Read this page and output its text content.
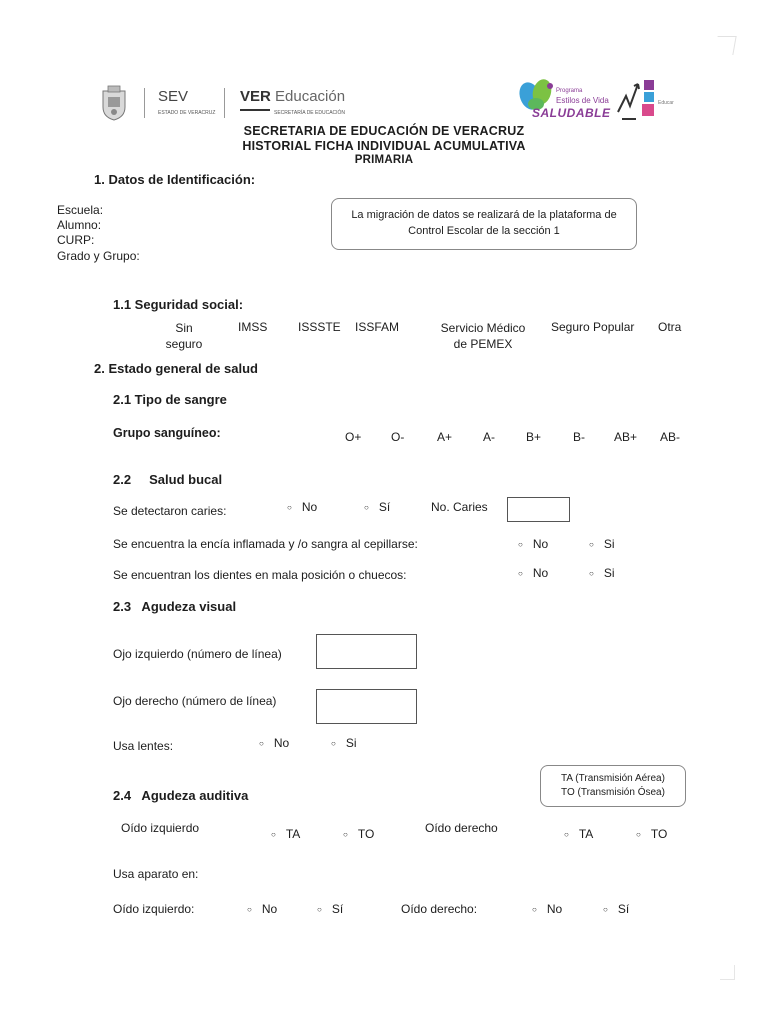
SEV
ESTADO DE VERACRUZ
VER Educación
SECRETARÍA DE EDUCACIÓN
Programa
Estilos de Vida
SALUDABLE
Educar
SECRETARIA DE EDUCACIÓN DE VERACRUZ
HISTORIAL FICHA INDIVIDUAL ACUMULATIVA
PRIMARIA
1. Datos de Identificación:
Escuela:
Alumno:
CURP:
Grado y Grupo:
La migración de datos se realizará de la plataforma de Control Escolar de la sección 1
1.1 Seguridad social:
Sin seguro
IMSS	ISSSTE ISSFAM	Servicio Médico de PEMEX
Seguro Popular Otra
2. Estado general de salud
2.1 Tipo de sangre
Grupo sanguíneo:	O+ O-	A+	A-	B+	B- AB+ AB-
2.2     Salud bucal
Se detectaron caries:	○ No	○ Sí	No. Caries
Se encuentra la encía inflamada y /o sangra al cepillarse:	○ No	○ Si
Se encuentran los dientes en mala posición o chuecos:	○ No	○ Si
2.3   Agudeza visual
Ojo izquierdo (número de línea)
Ojo derecho (número de línea)
Usa lentes:	○ No	○ Si
TA (Transmisión Aérea)
TO (Transmisión Ósea)
2.4   Agudeza auditiva
Oído izquierdo	○ TA	○ TO	Oído derecho	○ TA	○ TO
Usa aparato en:
Oído izquierdo:	○ No	○ Sí	Oído derecho:	○ No	○ Sí
